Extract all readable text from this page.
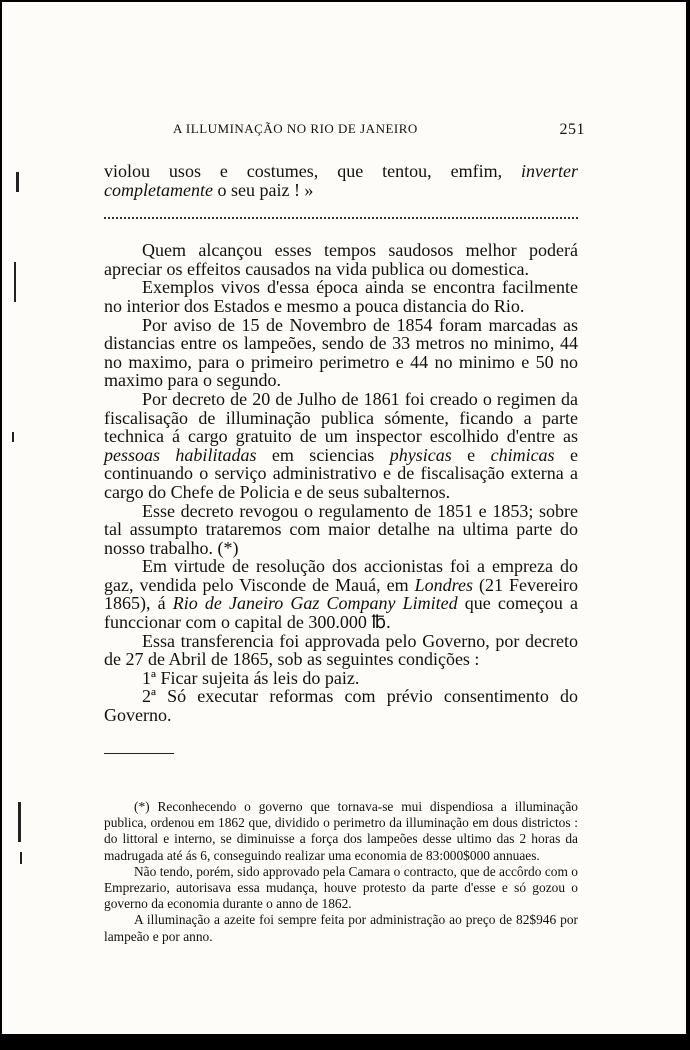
A ILLUMINAÇÃO NO RIO DE JANEIRO	251

violou usos e costumes, que tentou, emfim, inverter completamente o seu paiz ! »

Quem alcançou esses tempos saudosos melhor poderá apreciar os effeitos causados na vida publica ou domestica.

Exemplos vivos d'essa época ainda se encontra facilmente no interior dos Estados e mesmo a pouca distancia do Rio.

Por aviso de 15 de Novembro de 1854 foram marcadas as distancias entre os lampeões, sendo de 33 metros no minimo, 44 no maximo, para o primeiro perimetro e 44 no minimo e 50 no maximo para o segundo.

Por decreto de 20 de Julho de 1861 foi creado o regimen da fiscalisação de illuminação publica sómente, ficando a parte technica á cargo gratuito de um inspector escolhido d'entre as pessoas habilitadas em sciencias physicas e chimicas e continuando o serviço administrativo e de fiscalisação externa a cargo do Chefe de Policia e de seus subalternos.

Esse decreto revogou o regulamento de 1851 e 1853; sobre tal assumpto trataremos com maior detalhe na ultima parte do nosso trabalho. (*)

Em virtude de resolução dos accionistas foi a empreza do gaz, vendida pelo Visconde de Mauá, em Londres (21 Fevereiro 1865), á Rio de Janeiro Gaz Company Limited que começou a funccionar com o capital de 300.000 ℔.

Essa transferencia foi approvada pelo Governo, por decreto de 27 de Abril de 1865, sob as seguintes condições :

1ª Ficar sujeita ás leis do paiz.

2ª Só executar reformas com prévio consentimento do Governo.

(*) Reconhecendo o governo que tornava-se mui dispendiosa a illuminação publica, ordenou em 1862 que, dividido o perimetro da illuminação em dous districtos : do littoral e interno, se diminuisse a força dos lampeões desse ultimo das 2 horas da madrugada até ás 6, conseguindo realizar uma economia de 83:000$000 annuaes.

Não tendo, porém, sido approvado pela Camara o contracto, que de accôrdo com o Emprezario, autorisava essa mudança, houve protesto da parte d'esse e só gozou o governo da economia durante o anno de 1862.

A illuminação a azeite foi sempre feita por administração ao preço de 82$946 por lampeão e por anno.
